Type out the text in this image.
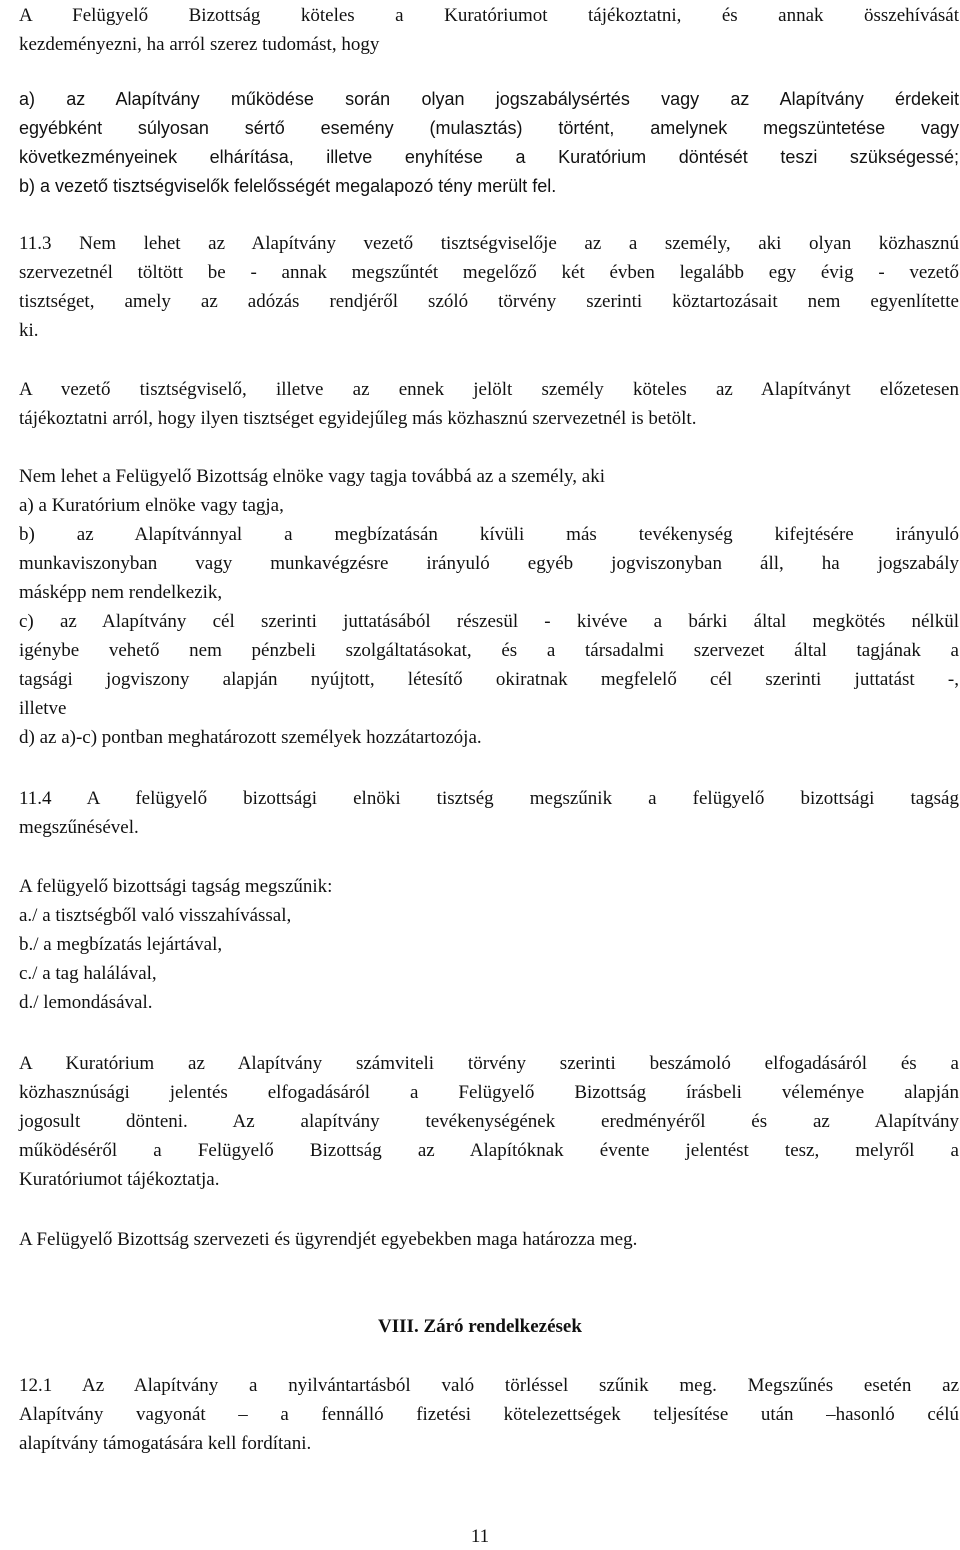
A Felügyelő Bizottság köteles a Kuratóriumot tájékoztatni, és annak összehívását
kezdeményezni, ha arról szerez tudomást, hogy
a) az Alapítvány működése során olyan jogszabálysértés vagy az Alapítvány érdekeit
egyébként súlyosan sértő esemény (mulasztás) történt, amelynek megszüntetése vagy
következményeinek elhárítása, illetve enyhítése a Kuratórium döntését teszi szükségessé;
b) a vezető tisztségviselők felelősségét megalapozó tény merült fel.
11.3 Nem lehet az Alapítvány vezető tisztségviselője az a személy, aki olyan közhasznú
szervezetnél töltött be - annak megszűntét megelőző két évben legalább egy évig - vezető
tisztséget, amely az adózás rendjéről szóló törvény szerinti köztartozásait nem egyenlítette
ki.
A vezető tisztségviselő, illetve az ennek jelölt személy köteles az Alapítványt előzetesen
tájékoztatni arról, hogy ilyen tisztséget egyidejűleg más közhasznú szervezetnél is betölt.
Nem lehet a Felügyelő Bizottság elnöke vagy tagja továbbá az a személy, aki
a) a Kuratórium elnöke vagy tagja,
b) az Alapítvánnyal a megbízatásán kívüli más tevékenység kifejtésére irányuló
munkaviszonyban vagy munkavégzésre irányuló egyéb jogviszonyban áll, ha jogszabály
másképp nem rendelkezik,
c) az Alapítvány cél szerinti juttatásából részesül - kivéve a bárki által megkötés nélkül
igénybe vehető nem pénzbeli szolgáltatásokat, és a társadalmi szervezet által tagjának a
tagsági jogviszony alapján nyújtott, létesítő okiratnak megfelelő cél szerinti juttatást -,
illetve
d) az a)-c) pontban meghatározott személyek hozzátartozója.
11.4 A felügyelő bizottsági elnöki tisztség megszűnik a felügyelő bizottsági tagság
megszűnésével.
A felügyelő bizottsági tagság megszűnik:
a./ a tisztségből való visszahívással,
b./ a megbízatás lejártával,
c./ a tag halálával,
d./ lemondásával.
A Kuratórium az Alapítvány számviteli törvény szerinti beszámoló elfogadásáról és a
közhasznúsági jelentés elfogadásáról a Felügyelő Bizottság írásbeli véleménye alapján
jogosult dönteni. Az alapítvány tevékenységének eredményéről és az Alapítvány
működéséről a Felügyelő Bizottság az Alapítóknak évente jelentést tesz, melyről a
Kuratóriumot tájékoztatja.
A Felügyelő Bizottság szervezeti és ügyrendjét egyebekben maga határozza meg.
VIII. Záró rendelkezések
12.1 Az Alapítvány a nyilvántartásból való törléssel szűnik meg. Megszűnés esetén az
Alapítvány vagyonát – a fennálló fizetési kötelezettségek teljesítése után –hasonló célú
alapítvány támogatására kell fordítani.
11
